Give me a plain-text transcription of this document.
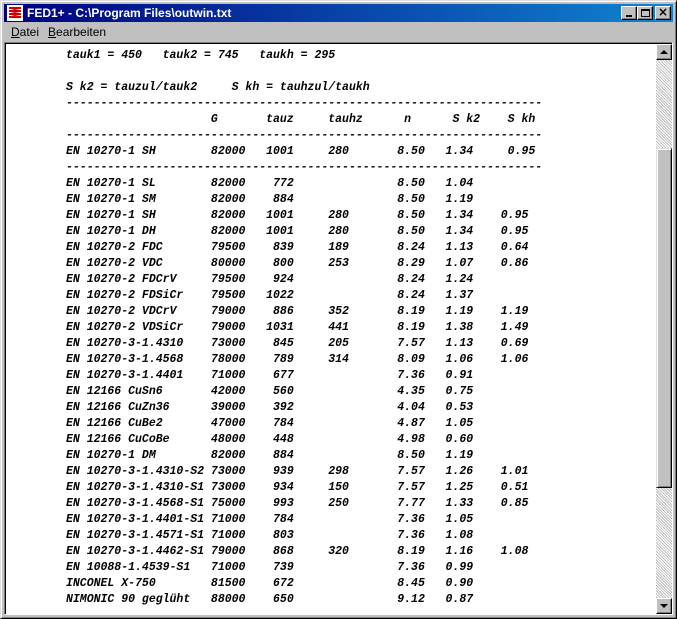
FED1+ - C:\Program Files\outwin.txt	×
Datei Bearbeiten
tauk1 = 450   tauk2 = 745   taukh = 295
S k2 = tauzul/tauk2     S kh = tauhzul/taukh
---------------------------------------------------------------------
G       tauz     tauhz      n      S k2    S kh
---------------------------------------------------------------------
EN 10270-1 SH        82000   1001     280       8.50   1.34     0.95
---------------------------------------------------------------------
EN 10270-1 SL        82000    772               8.50   1.04
EN 10270-1 SM        82000    884               8.50   1.19
EN 10270-1 SH        82000   1001     280       8.50   1.34    0.95
EN 10270-1 DH        82000   1001     280       8.50   1.34    0.95
EN 10270-2 FDC       79500    839     189       8.24   1.13    0.64
EN 10270-2 VDC       80000    800     253       8.29   1.07    0.86
EN 10270-2 FDCrV     79500    924               8.24   1.24
EN 10270-2 FDSiCr    79500   1022               8.24   1.37
EN 10270-2 VDCrV     79000    886     352       8.19   1.19    1.19
EN 10270-2 VDSiCr    79000   1031     441       8.19   1.38    1.49
EN 10270-3-1.4310    73000    845     205       7.57   1.13    0.69
EN 10270-3-1.4568    78000    789     314       8.09   1.06    1.06
EN 10270-3-1.4401    71000    677               7.36   0.91
EN 12166 CuSn6       42000    560               4.35   0.75
EN 12166 CuZn36      39000    392               4.04   0.53
EN 12166 CuBe2       47000    784               4.87   1.05
EN 12166 CuCoBe      48000    448               4.98   0.60
EN 10270-1 DM        82000    884               8.50   1.19
EN 10270-3-1.4310-S2 73000    939     298       7.57   1.26    1.01
EN 10270-3-1.4310-S1 73000    934     150       7.57   1.25    0.51
EN 10270-3-1.4568-S1 75000    993     250       7.77   1.33    0.85
EN 10270-3-1.4401-S1 71000    784               7.36   1.05
EN 10270-3-1.4571-S1 71000    803               7.36   1.08
EN 10270-3-1.4462-S1 79000    868     320       8.19   1.16    1.08
EN 10088-1.4539-S1   71000    739               7.36   0.99
INCONEL X-750        81500    672               8.45   0.90
NIMONIC 90 geglüht   88000    650               9.12   0.87
